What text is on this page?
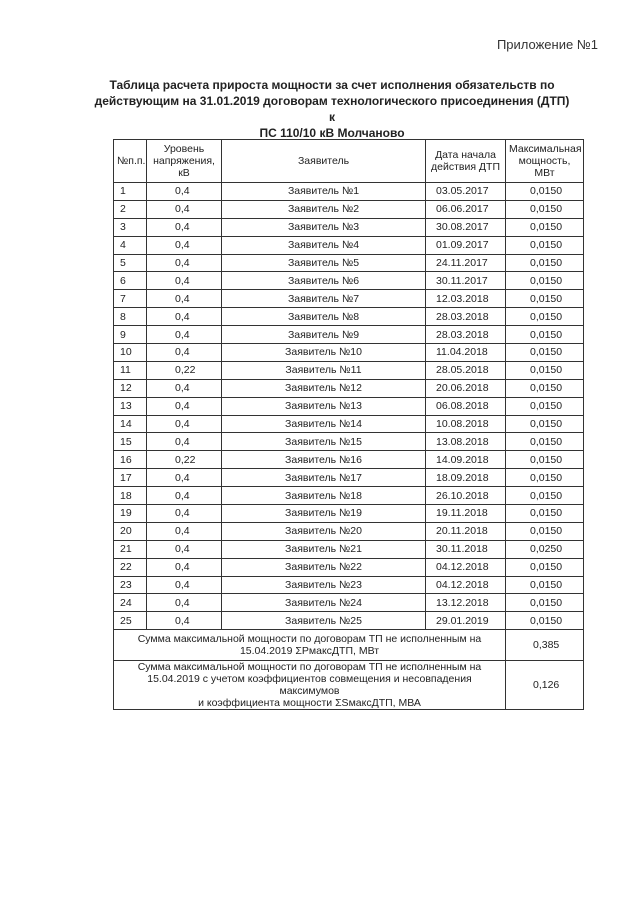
Приложение №1
Таблица расчета прироста мощности за счет исполнения обязательств по
действующим на 31.01.2019 договорам технологического присоединения (ДТП) к
ПС 110/10 кВ Молчаново
№п.п.	Уровень напряжения, кВ	Заявитель	Дата начала действия ДТП	Максимальная мощность, МВт
1	0,4	Заявитель №1	03.05.2017	0,0150
2	0,4	Заявитель №2	06.06.2017	0,0150
3	0,4	Заявитель №3	30.08.2017	0,0150
4	0,4	Заявитель №4	01.09.2017	0,0150
5	0,4	Заявитель №5	24.11.2017	0,0150
6	0,4	Заявитель №6	30.11.2017	0,0150
7	0,4	Заявитель №7	12.03.2018	0,0150
8	0,4	Заявитель №8	28.03.2018	0,0150
9	0,4	Заявитель №9	28.03.2018	0,0150
10	0,4	Заявитель №10	11.04.2018	0,0150
11	0,22	Заявитель №11	28.05.2018	0,0150
12	0,4	Заявитель №12	20.06.2018	0,0150
13	0,4	Заявитель №13	06.08.2018	0,0150
14	0,4	Заявитель №14	10.08.2018	0,0150
15	0,4	Заявитель №15	13.08.2018	0,0150
16	0,22	Заявитель №16	14.09.2018	0,0150
17	0,4	Заявитель №17	18.09.2018	0,0150
18	0,4	Заявитель №18	26.10.2018	0,0150
19	0,4	Заявитель №19	19.11.2018	0,0150
20	0,4	Заявитель №20	20.11.2018	0,0150
21	0,4	Заявитель №21	30.11.2018	0,0250
22	0,4	Заявитель №22	04.12.2018	0,0150
23	0,4	Заявитель №23	04.12.2018	0,0150
24	0,4	Заявитель №24	13.12.2018	0,0150
25	0,4	Заявитель №25	29.01.2019	0,0150

Сумма максимальной мощности по договорам ТП не исполненным на
15.04.2019 ΣPмаксДТП, МВт				0,385

Сумма максимальной мощности по договорам ТП не исполненным на
15.04.2019 с учетом коэффициентов совмещения и несовпадения максимумов
и коэффициента мощности ΣSмаксДТП, МВА				0,126
